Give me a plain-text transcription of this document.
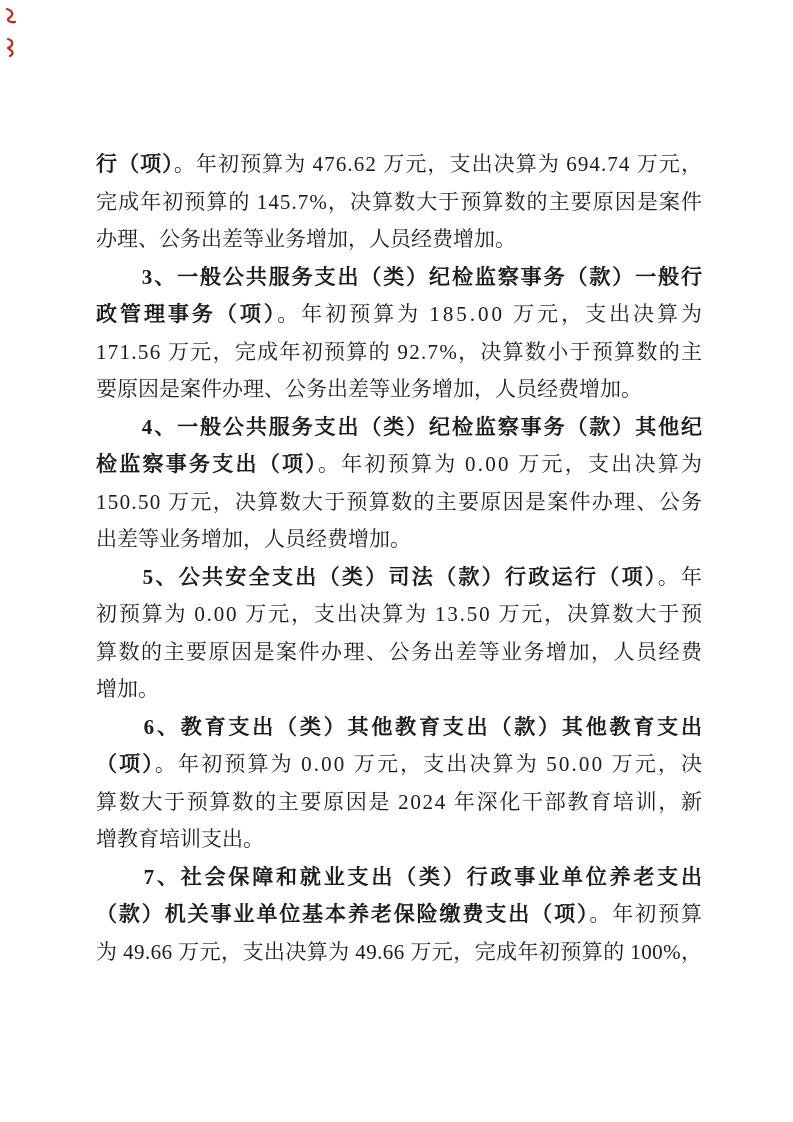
行（项）。年初预算为 476.62 万元，支出决算为 694.74 万元，
完成年初预算的 145.7%，决算数大于预算数的主要原因是案件
办理、公务出差等业务增加，人员经费增加。
　　3、一般公共服务支出（类）纪检监察事务（款）一般行
政管理事务（项）。年初预算为 185.00 万元，支出决算为
171.56 万元，完成年初预算的 92.7%，决算数小于预算数的主
要原因是案件办理、公务出差等业务增加，人员经费增加。
　　4、一般公共服务支出（类）纪检监察事务（款）其他纪
检监察事务支出（项）。年初预算为 0.00 万元，支出决算为
150.50 万元，决算数大于预算数的主要原因是案件办理、公务
出差等业务增加，人员经费增加。
　　5、公共安全支出（类）司法（款）行政运行（项）。年
初预算为 0.00 万元，支出决算为 13.50 万元，决算数大于预
算数的主要原因是案件办理、公务出差等业务增加，人员经费
增加。
　　6、教育支出（类）其他教育支出（款）其他教育支出
（项）。年初预算为 0.00 万元，支出决算为 50.00 万元，决
算数大于预算数的主要原因是 2024 年深化干部教育培训，新
增教育培训支出。
　　7、社会保障和就业支出（类）行政事业单位养老支出
（款）机关事业单位基本养老保险缴费支出（项）。年初预算
为 49.66 万元，支出决算为 49.66 万元，完成年初预算的 100%，
